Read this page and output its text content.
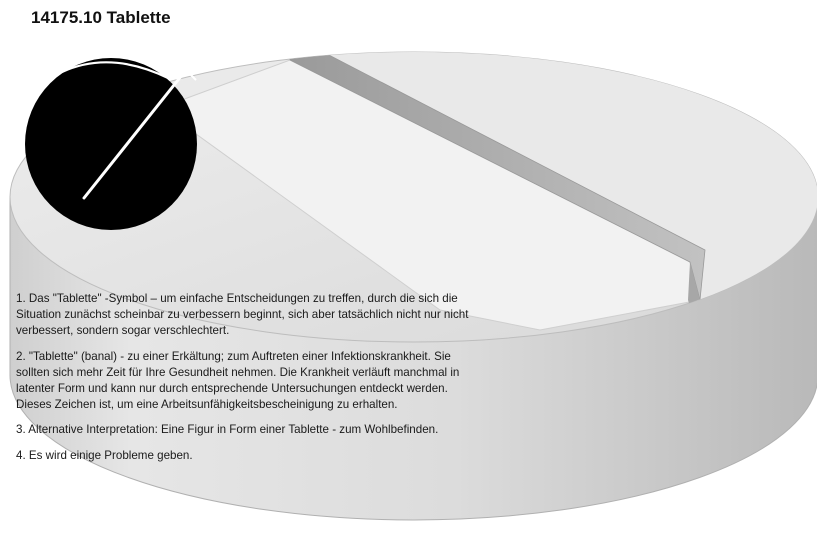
14175.10 Tablette

1. Das "Tablette" -Symbol – um einfache Entscheidungen zu treffen, durch die sich die Situation zunächst scheinbar zu verbessern beginnt, sich aber tatsächlich nicht nur nicht verbessert, sondern sogar verschlechtert.

2. "Tablette" (banal) - zu einer Erkältung; zum Auftreten einer Infektionskrankheit. Sie sollten sich mehr Zeit für Ihre Gesundheit nehmen. Die Krankheit verläuft manchmal in latenter Form und kann nur durch entsprechende Untersuchungen entdeckt werden. Dieses Zeichen ist, um eine Arbeitsunfähigkeitsbescheinigung zu erhalten.

3. Alternative Interpretation: Eine Figur in Form einer Tablette - zum Wohlbefinden.

4. Es wird einige Probleme geben.
